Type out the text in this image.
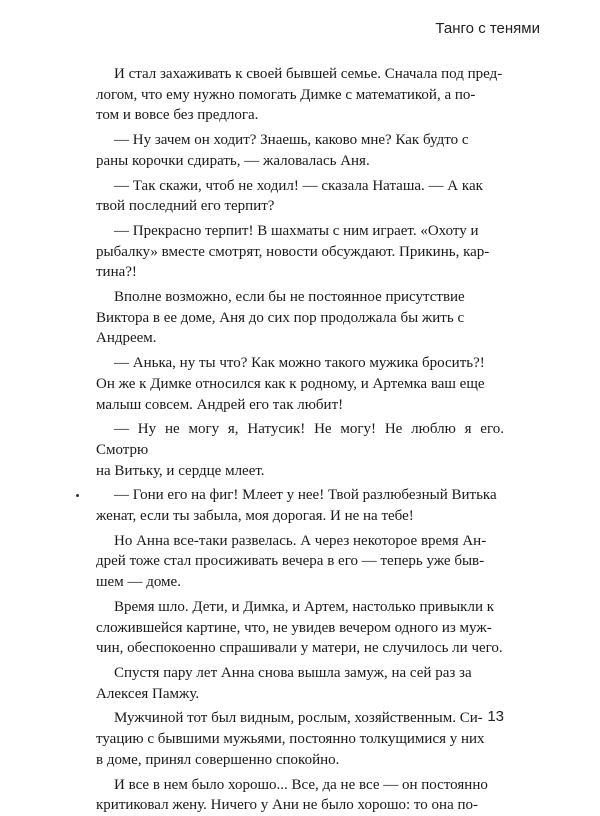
Танго с тенями

И стал захаживать к своей бывшей семье. Сначала под пред-
логом, что ему нужно помогать Димке с математикой, а по-
том и вовсе без предлога.

— Ну зачем он ходит? Знаешь, каково мне? Как будто с
раны корочки сдирать, — жаловалась Аня.

— Так скажи, чтоб не ходил! — сказала Наташа. — А как
твой последний его терпит?

— Прекрасно терпит! В шахматы с ним играет. «Охоту и
рыбалку» вместе смотрят, новости обсуждают. Прикинь, кар-
тина?!

Вполне возможно, если бы не постоянное присутствие
Виктора в ее доме, Аня до сих пор продолжала бы жить с
Андреем.

— Анька, ну ты что? Как можно такого мужика бросить?!
Он же к Димке относился как к родному, и Артемка ваш еще
малыш совсем. Андрей его так любит!

— Ну не могу я, Натусик! Не могу! Не люблю я его. Смотрю
на Витьку, и сердце млеет.

— Гони его на фиг! Млеет у нее! Твой разлюбезный Витька
женат, если ты забыла, моя дорогая. И не на тебе!

Но Анна все-таки развелась. А через некоторое время Ан-
дрей тоже стал просиживать вечера в его — теперь уже быв-
шем — доме.

Время шло. Дети, и Димка, и Артем, настолько привыкли к
сложившейся картине, что, не увидев вечером одного из муж-
чин, обеспокоенно спрашивали у матери, не случилось ли чего.

Спустя пару лет Анна снова вышла замуж, на сей раз за
Алексея Памжу.

Мужчиной тот был видным, рослым, хозяйственным. Си-
туацию с бывшими мужьями, постоянно толкущимися у них
в доме, принял совершенно спокойно.

И все в нем было хорошо... Все, да не все — он постоянно
критиковал жену. Ничего у Ани не было хорошо: то она по-

13
